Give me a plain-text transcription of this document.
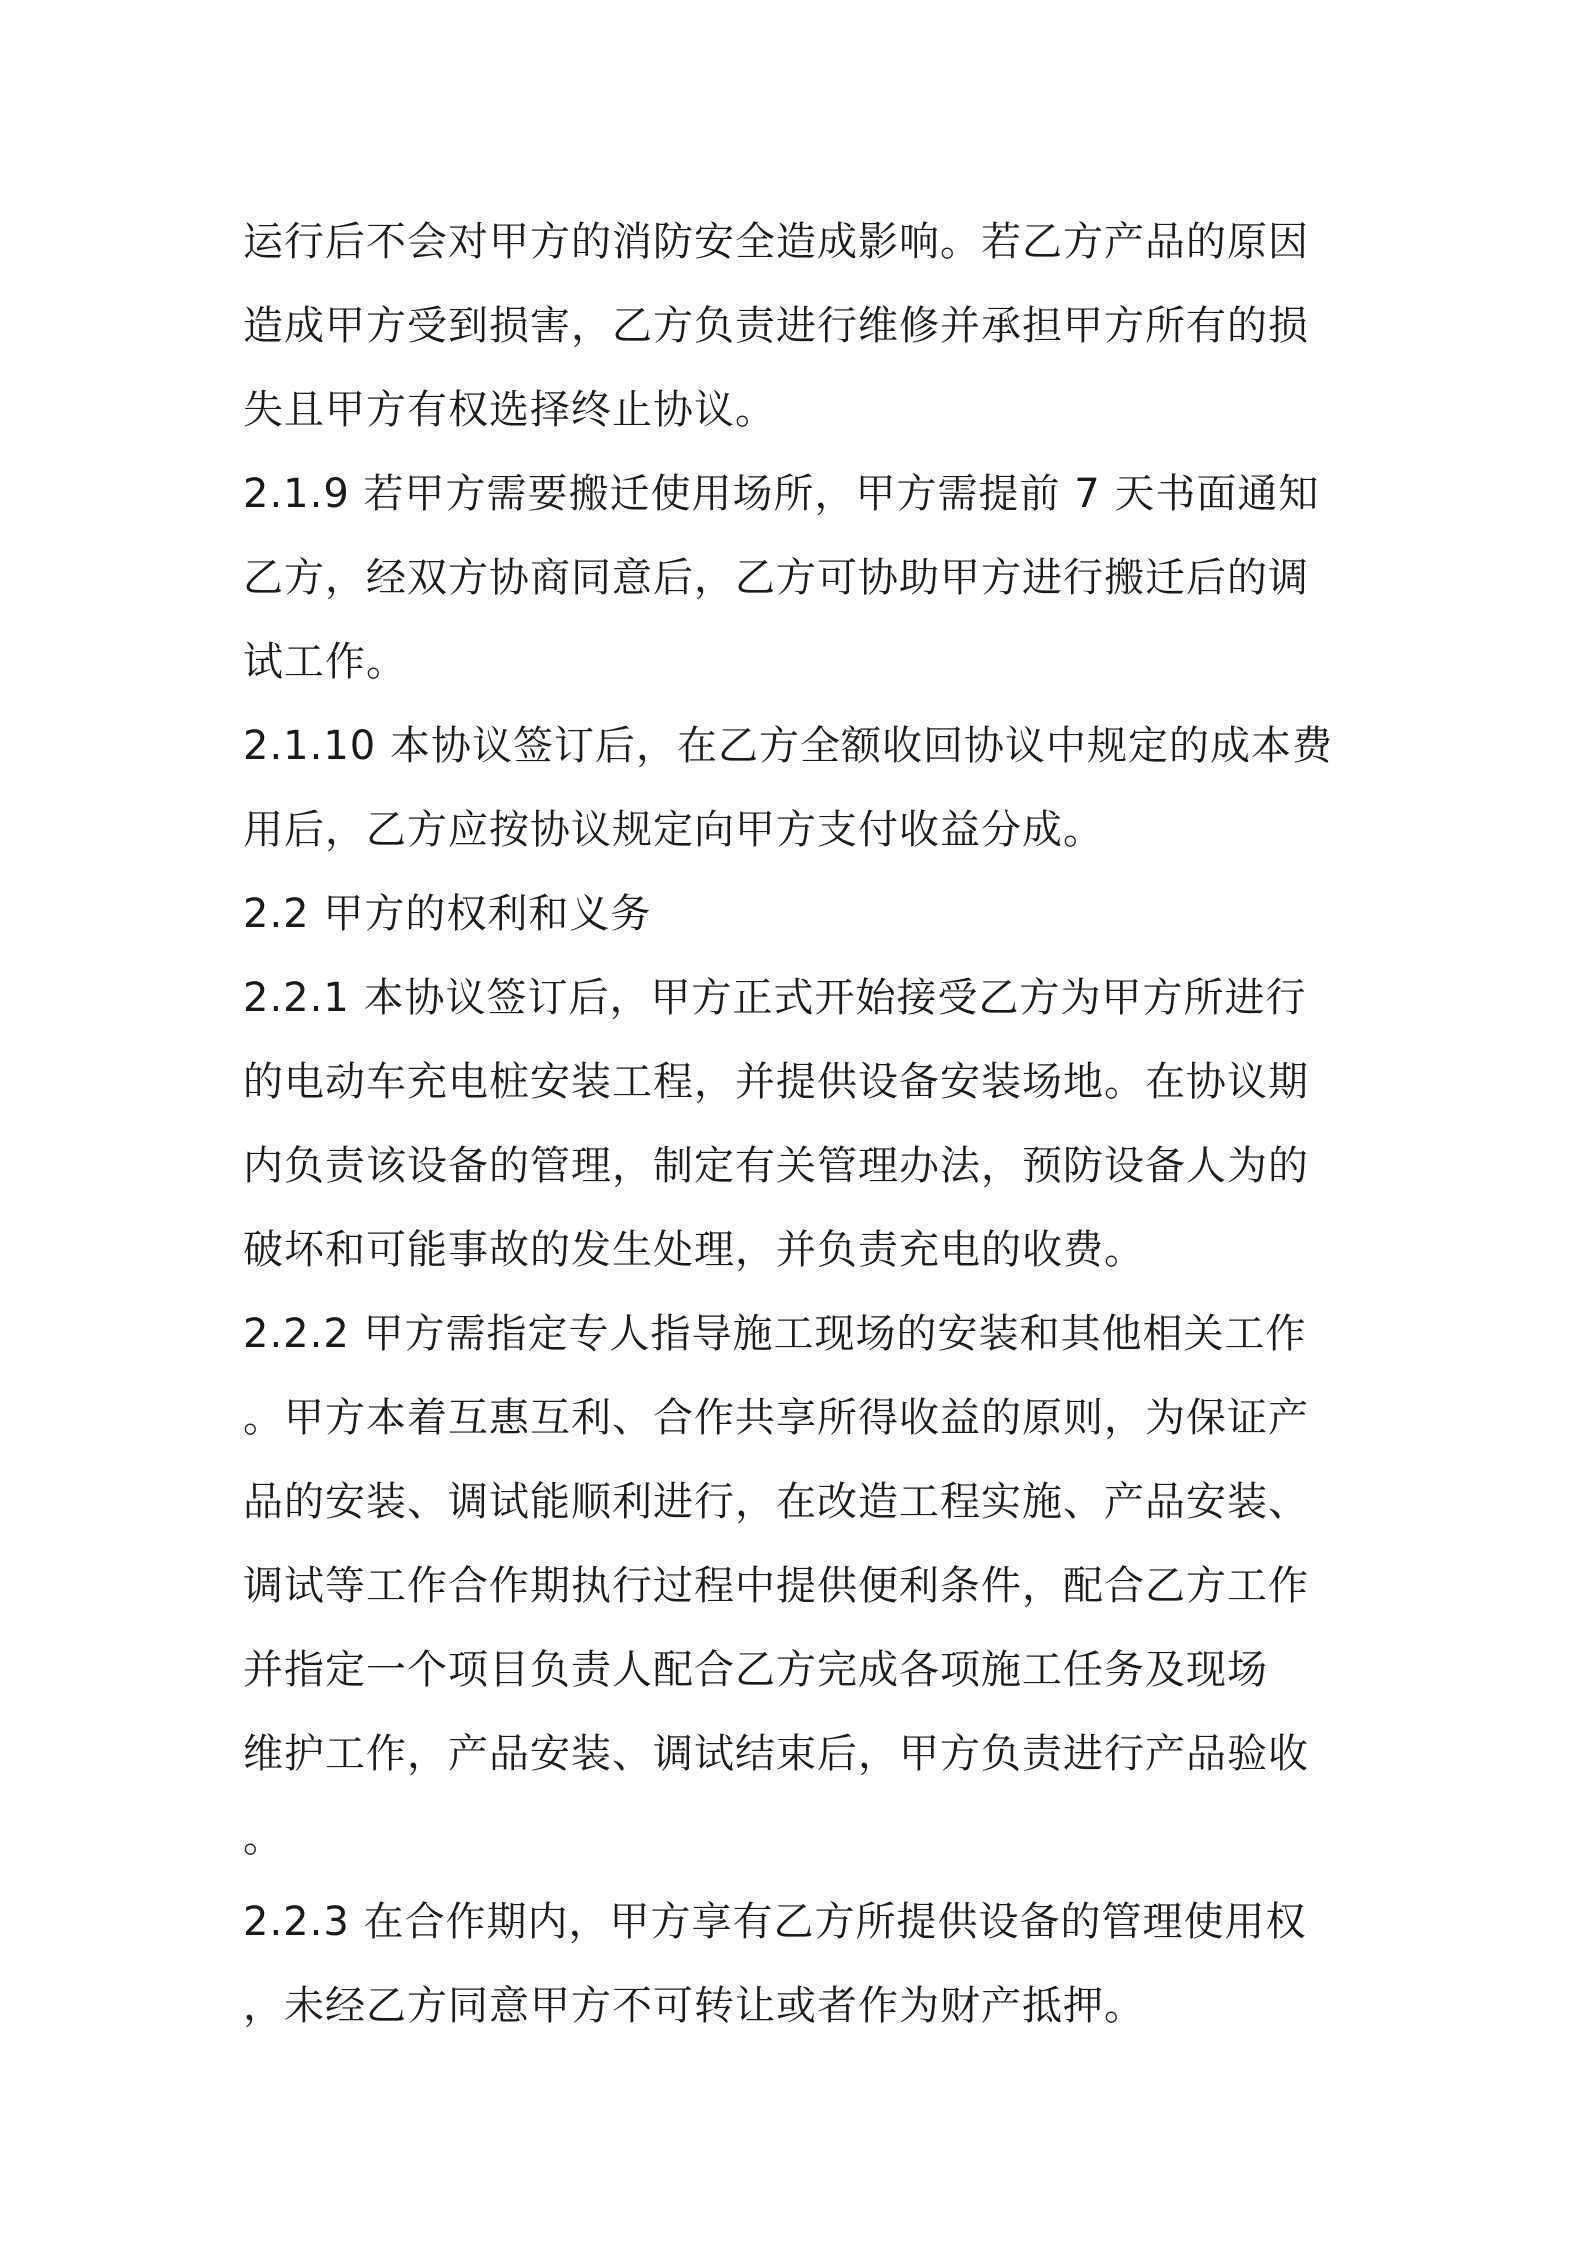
运行后不会对甲方的消防安全造成影响。若乙方产品的原因
造成甲方受到损害，乙方负责进行维修并承担甲方所有的损
失且甲方有权选择终止协议。
2.1.9 若甲方需要搬迁使用场所，甲方需提前 7 天书面通知
乙方，经双方协商同意后，乙方可协助甲方进行搬迁后的调
试工作。
2.1.10 本协议签订后，在乙方全额收回协议中规定的成本费
用后，乙方应按协议规定向甲方支付收益分成。
2.2 甲方的权利和义务
2.2.1 本协议签订后，甲方正式开始接受乙方为甲方所进行
的电动车充电桩安装工程，并提供设备安装场地。在协议期
内负责该设备的管理，制定有关管理办法，预防设备人为的
破坏和可能事故的发生处理，并负责充电的收费。
2.2.2 甲方需指定专人指导施工现场的安装和其他相关工作
。甲方本着互惠互利、合作共享所得收益的原则，为保证产
品的安装、调试能顺利进行，在改造工程实施、产品安装、
调试等工作合作期执行过程中提供便利条件，配合乙方工作
并指定一个项目负责人配合乙方完成各项施工任务及现场
维护工作，产品安装、调试结束后，甲方负责进行产品验收
。
2.2.3 在合作期内，甲方享有乙方所提供设备的管理使用权
，未经乙方同意甲方不可转让或者作为财产抵押。
